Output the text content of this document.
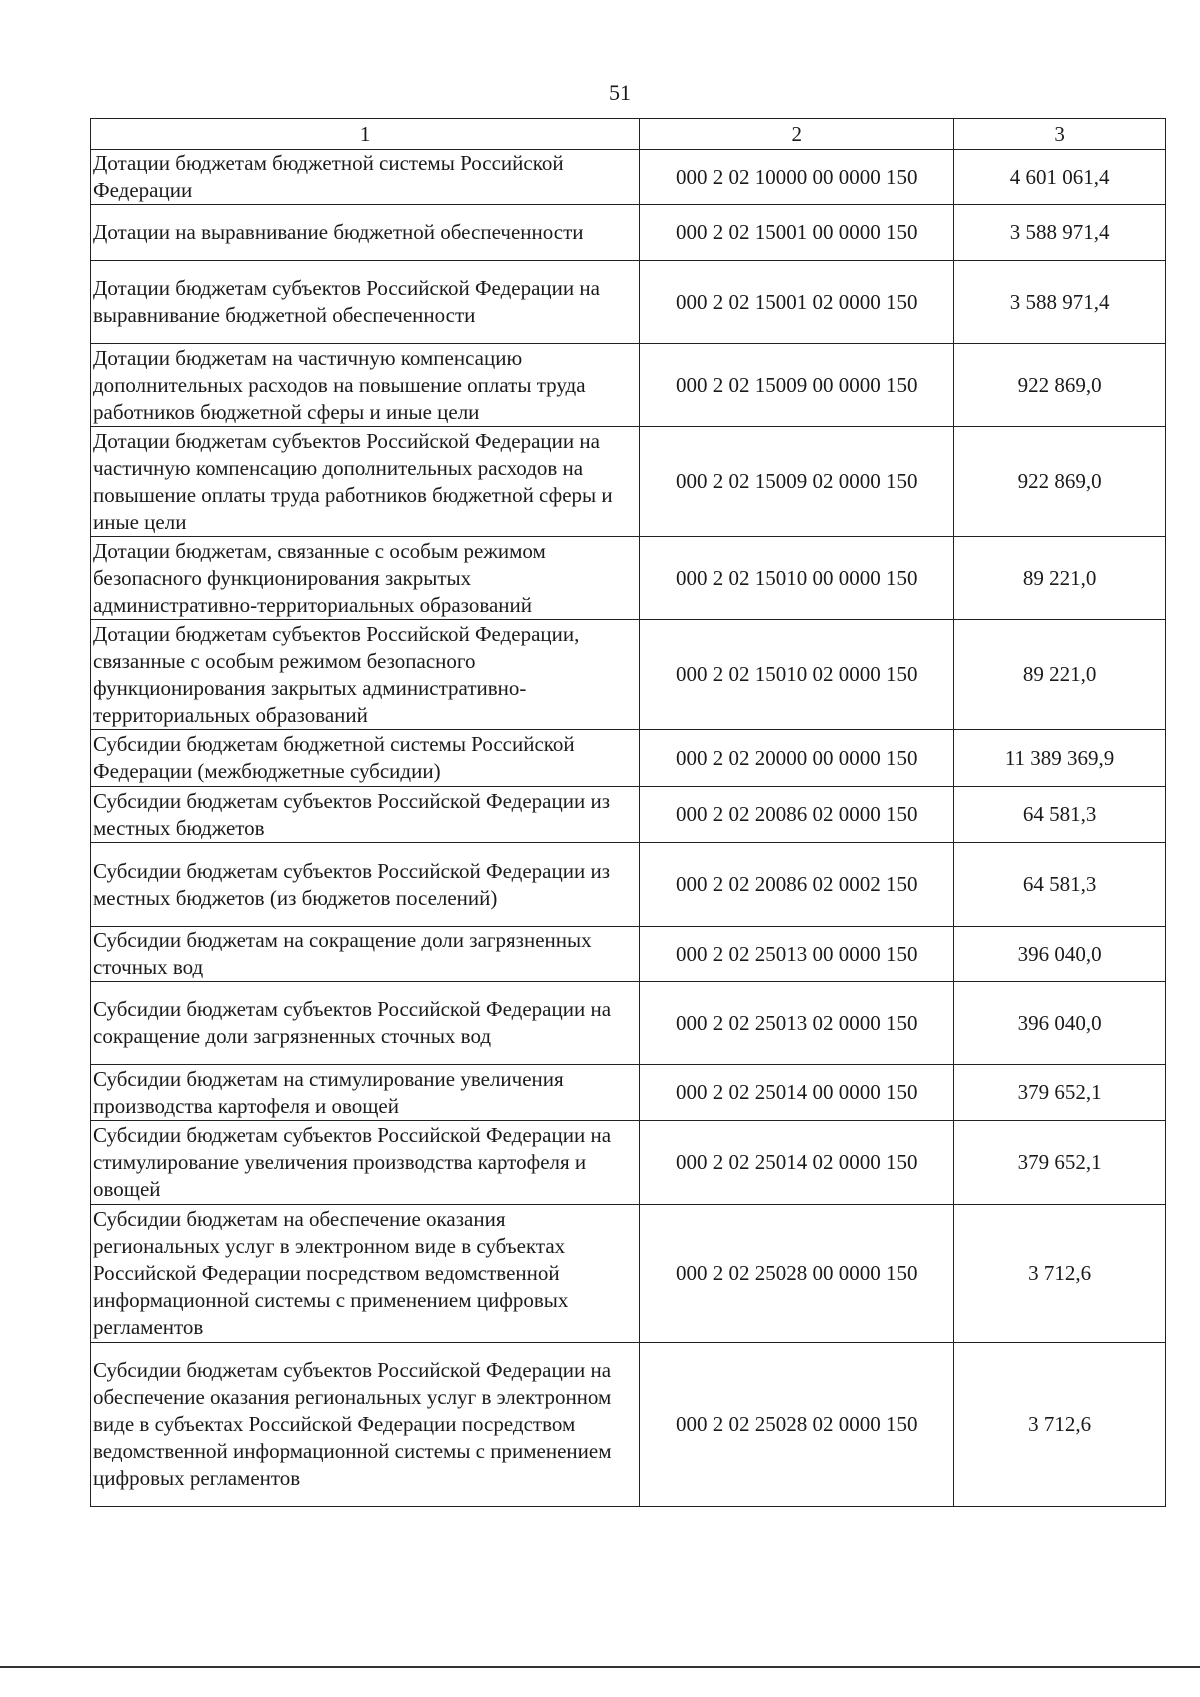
51
1	2	3
Дотации бюджетам бюджетной системы Российской Федерации	000 2 02 10000 00 0000 150	4 601 061,4
Дотации на выравнивание бюджетной обеспеченности	000 2 02 15001 00 0000 150	3 588 971,4
Дотации бюджетам субъектов Российской Федерации на выравнивание бюджетной обеспеченности	000 2 02 15001 02 0000 150	3 588 971,4
Дотации бюджетам на частичную компенсацию дополнительных расходов на повышение оплаты труда работников бюджетной сферы и иные цели	000 2 02 15009 00 0000 150	922 869,0
Дотации бюджетам субъектов Российской Федерации на частичную компенсацию дополнительных расходов на повышение оплаты труда работников бюджетной сферы и иные цели	000 2 02 15009 02 0000 150	922 869,0
Дотации бюджетам, связанные с особым режимом безопасного функционирования закрытых административно-территориальных образований	000 2 02 15010 00 0000 150	89 221,0
Дотации бюджетам субъектов Российской Федерации, связанные с особым режимом безопасного функционирования закрытых административно-территориальных образований	000 2 02 15010 02 0000 150	89 221,0
Субсидии бюджетам бюджетной системы Российской Федерации (межбюджетные субсидии)	000 2 02 20000 00 0000 150	11 389 369,9
Субсидии бюджетам субъектов Российской Федерации из местных бюджетов	000 2 02 20086 02 0000 150	64 581,3
Субсидии бюджетам субъектов Российской Федерации из местных бюджетов (из бюджетов поселений)	000 2 02 20086 02 0002 150	64 581,3
Субсидии бюджетам на сокращение доли загрязненных сточных вод	000 2 02 25013 00 0000 150	396 040,0
Субсидии бюджетам субъектов Российской Федерации на сокращение доли загрязненных сточных вод	000 2 02 25013 02 0000 150	396 040,0
Субсидии бюджетам на стимулирование увеличения производства картофеля и овощей	000 2 02 25014 00 0000 150	379 652,1
Субсидии бюджетам субъектов Российской Федерации на стимулирование увеличения производства картофеля и овощей	000 2 02 25014 02 0000 150	379 652,1
Субсидии бюджетам на обеспечение оказания региональных услуг в электронном виде в субъектах Российской Федерации посредством ведомственной информационной системы с применением цифровых регламентов	000 2 02 25028 00 0000 150	3 712,6
Субсидии бюджетам субъектов Российской Федерации на обеспечение оказания региональных услуг в электронном виде в субъектах Российской Федерации посредством ведомственной информационной системы с применением цифровых регламентов	000 2 02 25028 02 0000 150	3 712,6
